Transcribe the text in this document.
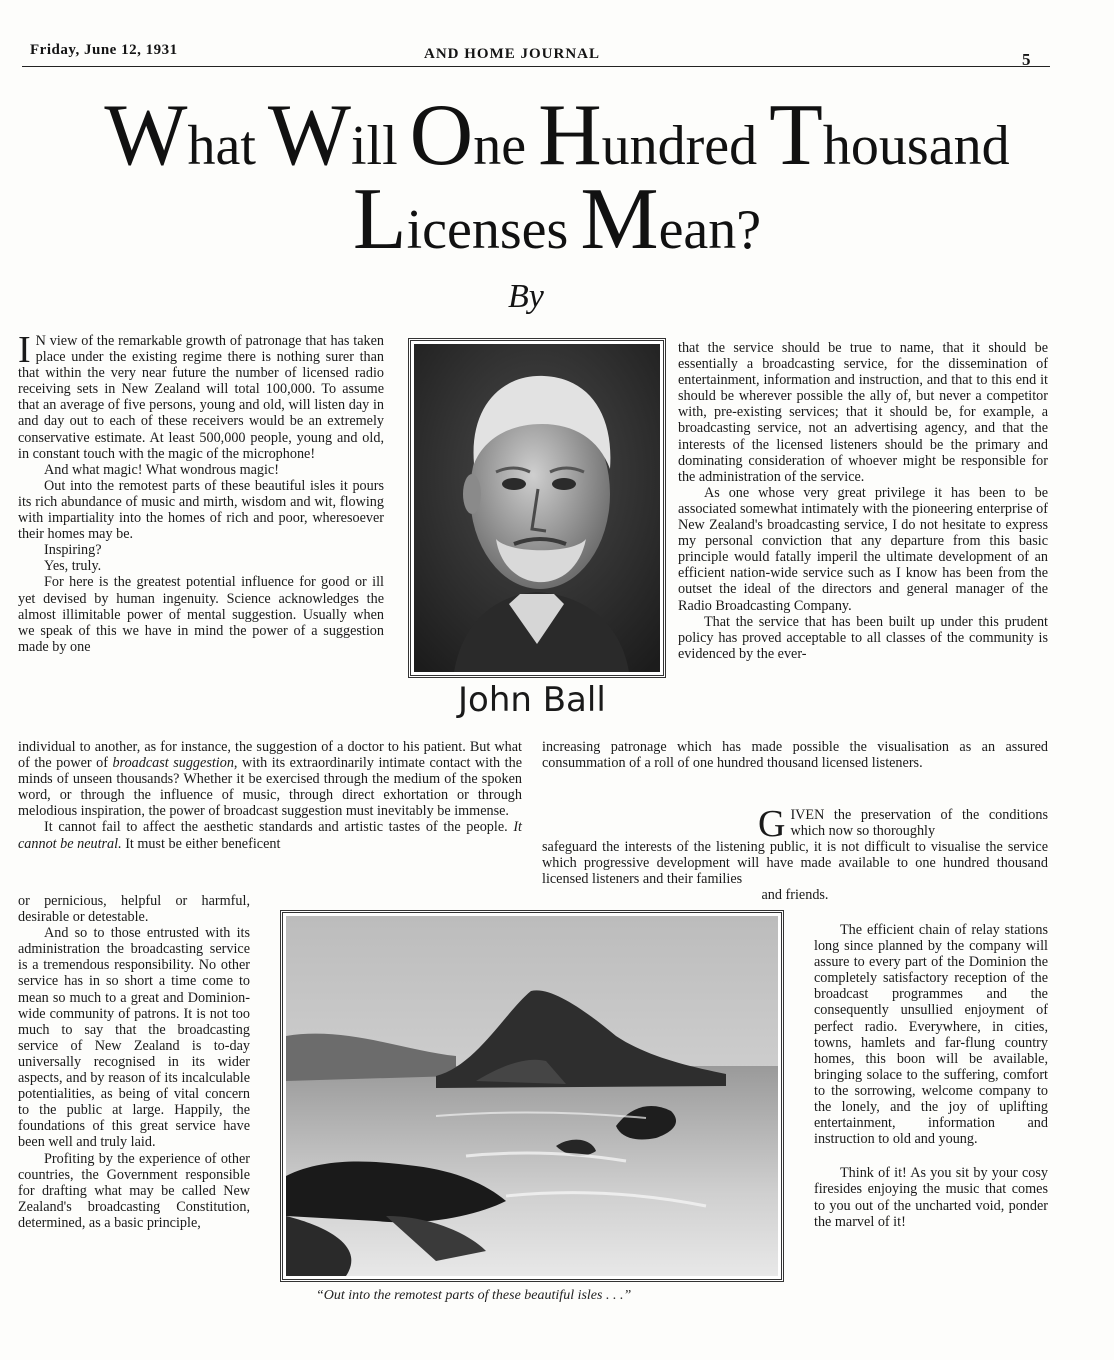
Friday, June 12, 1931	AND HOME JOURNAL	5
What Will One Hundred Thousand
Licenses Mean?
By

I N view of the remarkable growth of patronage that has taken place under the existing regime there is nothing surer than that within the very near future the number of licensed radio receiving sets in New Zealand will total 100,000. To assume that an average of five persons, young and old, will listen day in and day out to each of these receivers would be an extremely conservative estimate. At least 500,000 people, young and old, in constant touch with the magic of the microphone!

And what magic! What wondrous magic!

Out into the remotest parts of these beautiful isles it pours its rich abundance of music and mirth, wisdom and wit, flowing with impartiality into the homes of rich and poor, wheresoever their homes may be.

Inspiring?

Yes, truly.

For here is the greatest potential influence for good or ill yet devised by human ingenuity. Science acknowledges the almost illimitable power of mental suggestion. Usually when we speak of this we have in mind the power of a suggestion made by one

John Ball

that the service should be true to name, that it should be essentially a broadcasting service, for the dissemination of entertainment, information and instruction, and that to this end it should be wherever possible the ally of, but never a competitor with, pre-existing services; that it should be, for example, a broadcasting service, not an advertising agency, and that the interests of the licensed listeners should be the primary and dominating consideration of whoever might be responsible for the administration of the service.

As one whose very great privilege it has been to be associated somewhat intimately with the pioneering enterprise of New Zealand's broadcasting service, I do not hesitate to express my personal conviction that any departure from this basic principle would fatally imperil the ultimate development of an efficient nation-wide service such as I know has been from the outset the ideal of the directors and general manager of the Radio Broadcasting Company.

That the service that has been built up under this prudent policy has proved acceptable to all classes of the community is evidenced by the ever-

individual to another, as for instance, the suggestion of a doctor to his patient. But what of the power of broadcast suggestion, with its extraordinarily intimate contact with the minds of unseen thousands? Whether it be exercised through the medium of the spoken word, or through the influence of music, through direct exhortation or through melodious inspiration, the power of broadcast suggestion must inevitably be immense.

It cannot fail to affect the aesthetic standards and artistic tastes of the people. It cannot be neutral. It must be either beneficent

increasing patronage which has made possible the visualisation as an assured consummation of a roll of one hundred thousand licensed listeners.

GIVEN the preservation of the conditions which now so thoroughly

safeguard the interests of the listening public, it is not difficult to visualise the service which progressive development will have made available to one hundred thousand licensed listeners and their families

and friends.

or pernicious, helpful or harmful, desirable or detestable.

And so to those entrusted with its administration the broadcasting service is a tremendous responsibility. No other service has in so short a time come to mean so much to a great and Dominion-wide community of patrons. It is not too much to say that the broadcasting service of New Zealand is to-day universally recognised in its wider aspects, and by reason of its incalculable potentialities, as being of vital concern to the public at large. Happily, the foundations of this great service have been well and truly laid.

Profiting by the experience of other countries, the Government responsible for drafting what may be called New Zealand's broadcasting Constitution, determined, as a basic principle,

“Out into the remotest parts of these beautiful isles . . .”

The efficient chain of relay stations long since planned by the company will assure to every part of the Dominion the completely satisfactory reception of the broadcast programmes and the consequently unsullied enjoyment of perfect radio. Everywhere, in cities, towns, hamlets and far-flung country homes, this boon will be available, bringing solace to the suffering, comfort to the sorrowing, welcome company to the lonely, and the joy of uplifting entertainment, information and instruction to old and young.

Think of it! As you sit by your cosy firesides enjoying the music that comes to you out of the uncharted void, ponder the marvel of it!
